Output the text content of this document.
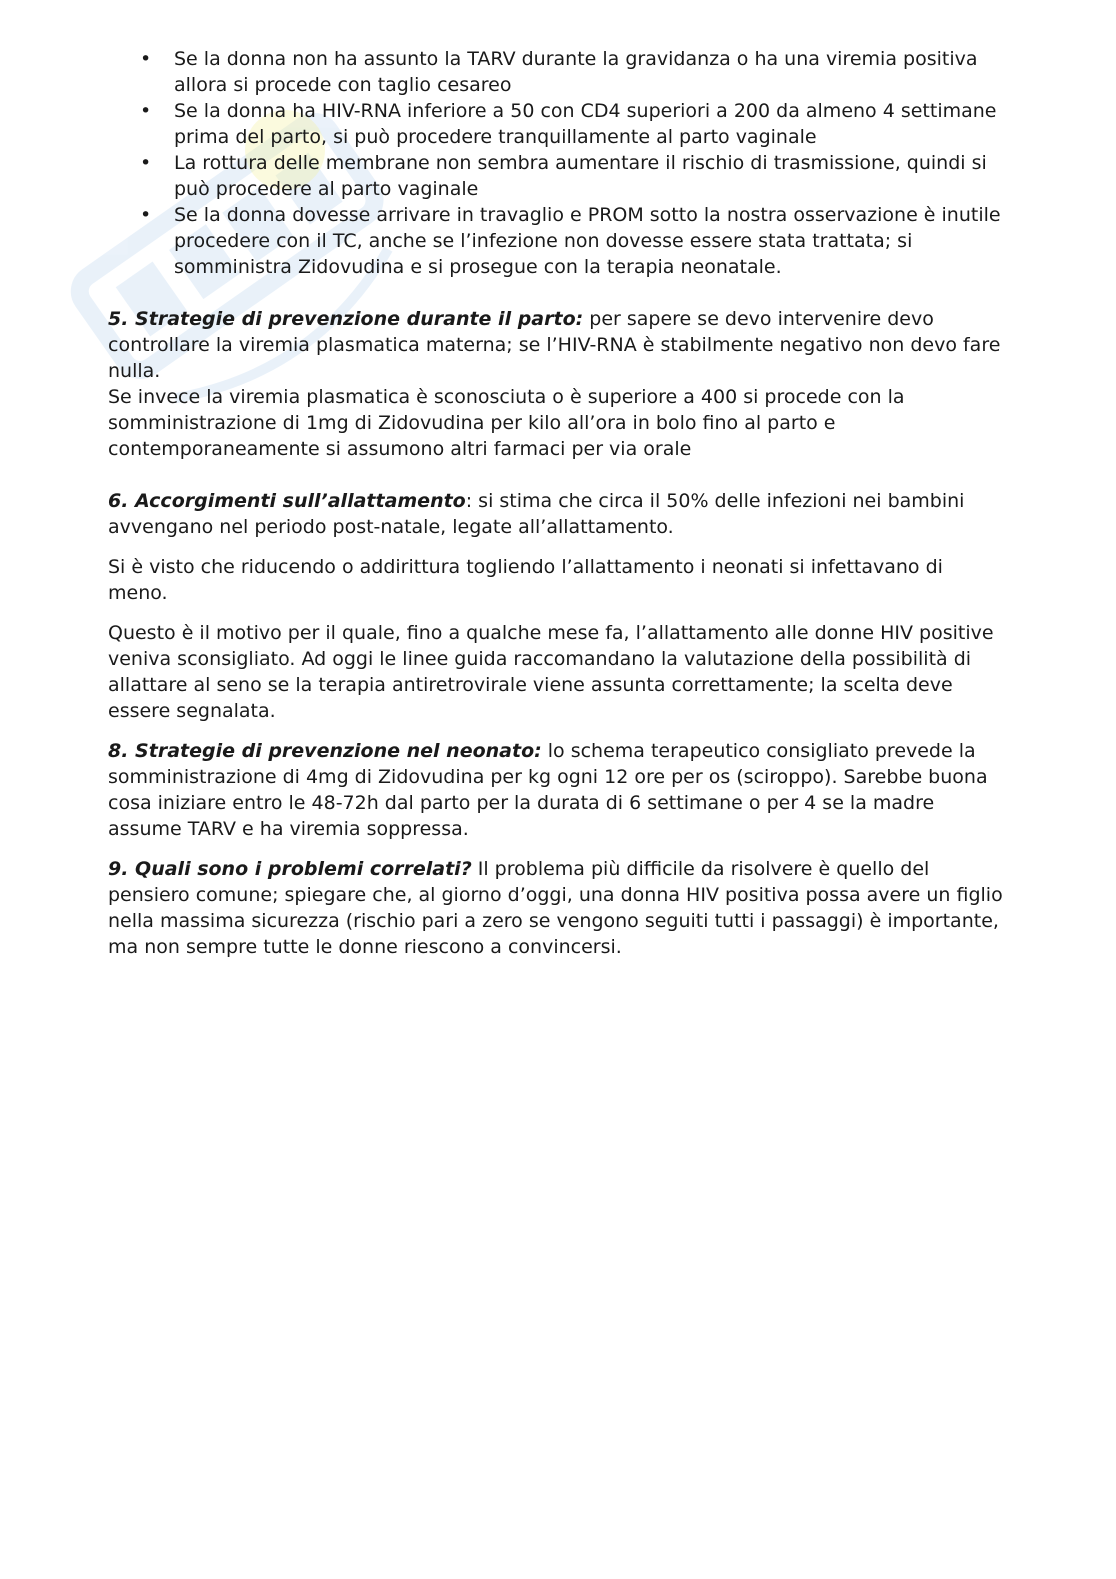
• Se la donna non ha assunto la TARV durante la gravidanza o ha una viremia positiva allora si procede con taglio cesareo
• Se la donna ha HIV-RNA inferiore a 50 con CD4 superiori a 200 da almeno 4 settimane prima del parto, si può procedere tranquillamente al parto vaginale
• La rottura delle membrane non sembra aumentare il rischio di trasmissione, quindi si può procedere al parto vaginale
• Se la donna dovesse arrivare in travaglio e PROM sotto la nostra osservazione è inutile procedere con il TC, anche se l’infezione non dovesse essere stata trattata; si somministra Zidovudina e si prosegue con la terapia neonatale.

5. Strategie di prevenzione durante il parto: per sapere se devo intervenire devo controllare la viremia plasmatica materna; se l’HIV-RNA è stabilmente negativo non devo fare nulla.

Se invece la viremia plasmatica è sconosciuta o è superiore a 400 si procede con la somministrazione di 1mg di Zidovudina per kilo all’ora in bolo fino al parto e contemporaneamente si assumono altri farmaci per via orale

6. Accorgimenti sull’allattamento: si stima che circa il 50% delle infezioni nei bambini avvengano nel periodo post-natale, legate all’allattamento.

Si è visto che riducendo o addirittura togliendo l’allattamento i neonati si infettavano di meno.

Questo è il motivo per il quale, fino a qualche mese fa, l’allattamento alle donne HIV positive veniva sconsigliato. Ad oggi le linee guida raccomandano la valutazione della possibilità di allattare al seno se la terapia antiretrovirale viene assunta correttamente; la scelta deve essere segnalata.

8. Strategie di prevenzione nel neonato: lo schema terapeutico consigliato prevede la somministrazione di 4mg di Zidovudina per kg ogni 12 ore per os (sciroppo). Sarebbe buona cosa iniziare entro le 48-72h dal parto per la durata di 6 settimane o per 4 se la madre assume TARV e ha viremia soppressa.

9. Quali sono i problemi correlati? Il problema più difficile da risolvere è quello del pensiero comune; spiegare che, al giorno d’oggi, una donna HIV positiva possa avere un figlio nella massima sicurezza (rischio pari a zero se vengono seguiti tutti i passaggi) è importante, ma non sempre tutte le donne riescono a convincersi.
